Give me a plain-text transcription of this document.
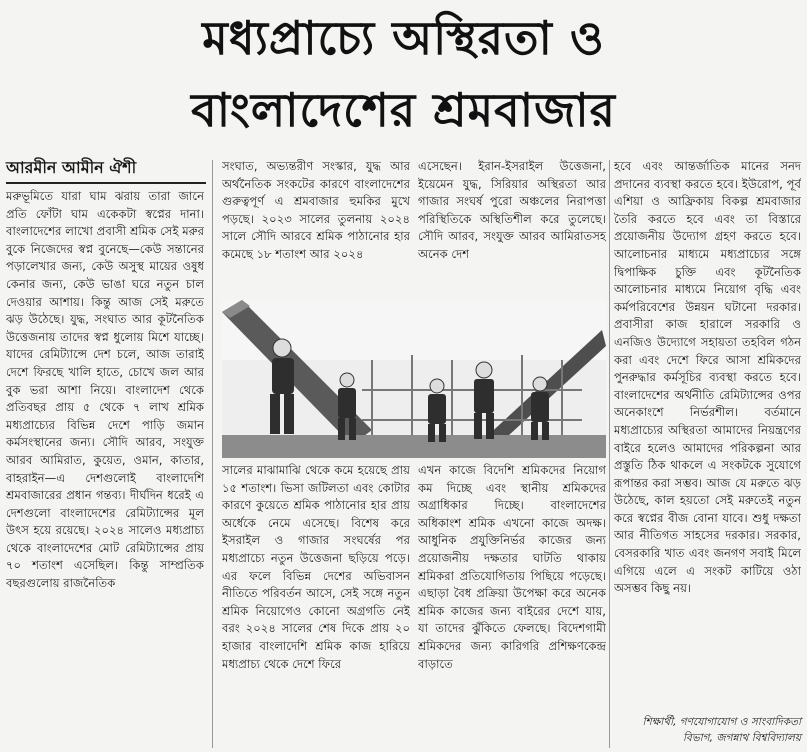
মধ্যপ্রাচ্যে অস্থিরতা ও
বাংলাদেশের শ্রমবাজার
আরমীন আমীন ঐশী

মরুভূমিতে যারা ঘাম ঝরায় তারা জানে প্রতি ফোঁটা ঘাম একেকটা স্বপ্নের দানা। বাংলাদেশের লাখো প্রবাসী শ্রমিক সেই মরুর বুকে নিজেদের স্বপ্ন বুনেছে—কেউ সন্তানের পড়ালেখার জন্য, কেউ অসুস্থ মায়ের ওষুধ কেনার জন্য, কেউ ভাঙা ঘরে নতুন চাল দেওয়ার আশায়। কিন্তু আজ সেই মরুতে ঝড় উঠেছে। যুদ্ধ, সংঘাত আর কূটনৈতিক উত্তেজনায় তাদের স্বপ্ন ধুলোয় মিশে যাচ্ছে। যাদের রেমিট্যান্সে দেশ চলে, আজ তারাই দেশে ফিরছে খালি হাতে, চোখে জল আর বুক ভরা আশা নিয়ে। বাংলাদেশ থেকে প্রতিবছর প্রায় ৫ থেকে ৭ লাখ শ্রমিক মধ্যপ্রাচ্যের বিভিন্ন দেশে পাড়ি জমান কর্মসংস্থানের জন্য। সৌদি আরব, সংযুক্ত আরব আমিরাত, কুয়েত, ওমান, কাতার, বাহরাইন—এ দেশগুলোই বাংলাদেশি শ্রমবাজারের প্রধান গন্তব্য। দীর্ঘদিন ধরেই এ দেশগুলো বাংলাদেশের রেমিট্যান্সের মূল উৎস হয়ে রয়েছে। ২০২৪ সালেও মধ্যপ্রাচ্য থেকে বাংলাদেশের মোট রেমিট্যান্সের প্রায় ৭০ শতাংশ এসেছিল। কিন্তু সাম্প্রতিক বছরগুলোয় রাজনৈতিক

সংঘাত, অভ্যন্তরীণ সংস্কার, যুদ্ধ আর অর্থনৈতিক সংকটের কারণে বাংলাদেশের গুরুত্বপূর্ণ এ শ্রমবাজার হুমকির মুখে পড়ছে। ২০২৩ সালের তুলনায় ২০২৪ সালে সৌদি আরবে শ্রমিক পাঠানোর হার কমেছে ১৮ শতাংশ আর ২০২৪

এসেছেন। ইরান-ইসরাইল উত্তেজনা, ইয়েমেন যুদ্ধ, সিরিয়ার অস্থিরতা আর গাজার সংঘর্ষ পুরো অঞ্চলের নিরাপত্তা পরিস্থিতিকে অস্থিতিশীল করে তুলেছে। সৌদি আরব, সংযুক্ত আরব আমিরাতসহ অনেক দেশ

সালের মাঝামাঝি থেকে কমে হয়েছে প্রায় ১৫ শতাংশ। ভিসা জটিলতা এবং কোটার কারণে কুয়েতে শ্রমিক পাঠানোর হার প্রায় অর্ধেকে নেমে এসেছে। বিশেষ করে ইসরাইল ও গাজার সংঘর্ষের পর মধ্যপ্রাচ্যে নতুন উত্তেজনা ছড়িয়ে পড়ে। এর ফলে বিভিন্ন দেশের অভিবাসন নীতিতে পরিবর্তন আসে, সেই সঙ্গে নতুন শ্রমিক নিয়োগেও কোনো অগ্রগতি নেই বরং ২০২৪ সালের শেষ দিকে প্রায় ২০ হাজার বাংলাদেশি শ্রমিক কাজ হারিয়ে মধ্যপ্রাচ্য থেকে দেশে ফিরে

এখন কাজে বিদেশি শ্রমিকদের নিয়োগ কম দিচ্ছে এবং স্থানীয় শ্রমিকদের অগ্রাধিকার দিচ্ছে। বাংলাদেশের অধিকাংশ শ্রমিক এখনো কাজে অদক্ষ। আধুনিক প্রযুক্তিনির্ভর কাজের জন্য প্রয়োজনীয় দক্ষতার ঘাটতি থাকায় শ্রমিকরা প্রতিযোগিতায় পিছিয়ে পড়েছে। এছাড়া বৈধ প্রক্রিয়া উপেক্ষা করে অনেক শ্রমিক কাজের জন্য বাইরের দেশে যায়, যা তাদের ঝুঁকিতে ফেলছে। বিদেশগামী শ্রমিকদের জন্য কারিগরি প্রশিক্ষণকেন্দ্র বাড়াতে

হবে এবং আন্তর্জাতিক মানের সনদ প্রদানের ব্যবস্থা করতে হবে। ইউরোপ, পূর্ব এশিয়া ও আফ্রিকায় বিকল্প শ্রমবাজার তৈরি করতে হবে এবং তা বিস্তারে প্রয়োজনীয় উদ্যোগ গ্রহণ করতে হবে। আলোচনার মাধ্যমে মধ্যপ্রাচ্যের সঙ্গে দ্বিপাক্ষিক চুক্তি এবং কূটনৈতিক আলোচনার মাধ্যমে নিয়োগ বৃদ্ধি এবং কর্মপরিবেশের উন্নয়ন ঘটানো দরকার। প্রবাসীরা কাজ হারালে সরকারি ও এনজিও উদ্যোগে সহায়তা তহবিল গঠন করা এবং দেশে ফিরে আসা শ্রমিকদের পুনরুদ্ধার কর্মসূচির ব্যবস্থা করতে হবে। বাংলাদেশের অর্থনীতি রেমিট্যান্সের ওপর অনেকাংশে নির্ভরশীল। বর্তমানে মধ্যপ্রাচ্যের অস্থিরতা আমাদের নিয়ন্ত্রণের বাইরে হলেও আমাদের পরিকল্পনা আর প্রস্তুতি ঠিক থাকলে এ সংকটকে সুযোগে রূপান্তর করা সম্ভব। আজ যে মরুতে ঝড় উঠেছে, কাল হয়তো সেই মরুতেই নতুন করে স্বপ্নের বীজ বোনা যাবে। শুধু দক্ষতা আর নীতিগত সাহসের দরকার। সরকার, বেসরকারি খাত এবং জনগণ সবাই মিলে এগিয়ে এলে এ সংকট কাটিয়ে ওঠা অসম্ভব কিছু নয়।

শিক্ষার্থী, গণযোগাযোগ ও সাংবাদিকতা বিভাগ, জগন্নাথ বিশ্ববিদ্যালয়
